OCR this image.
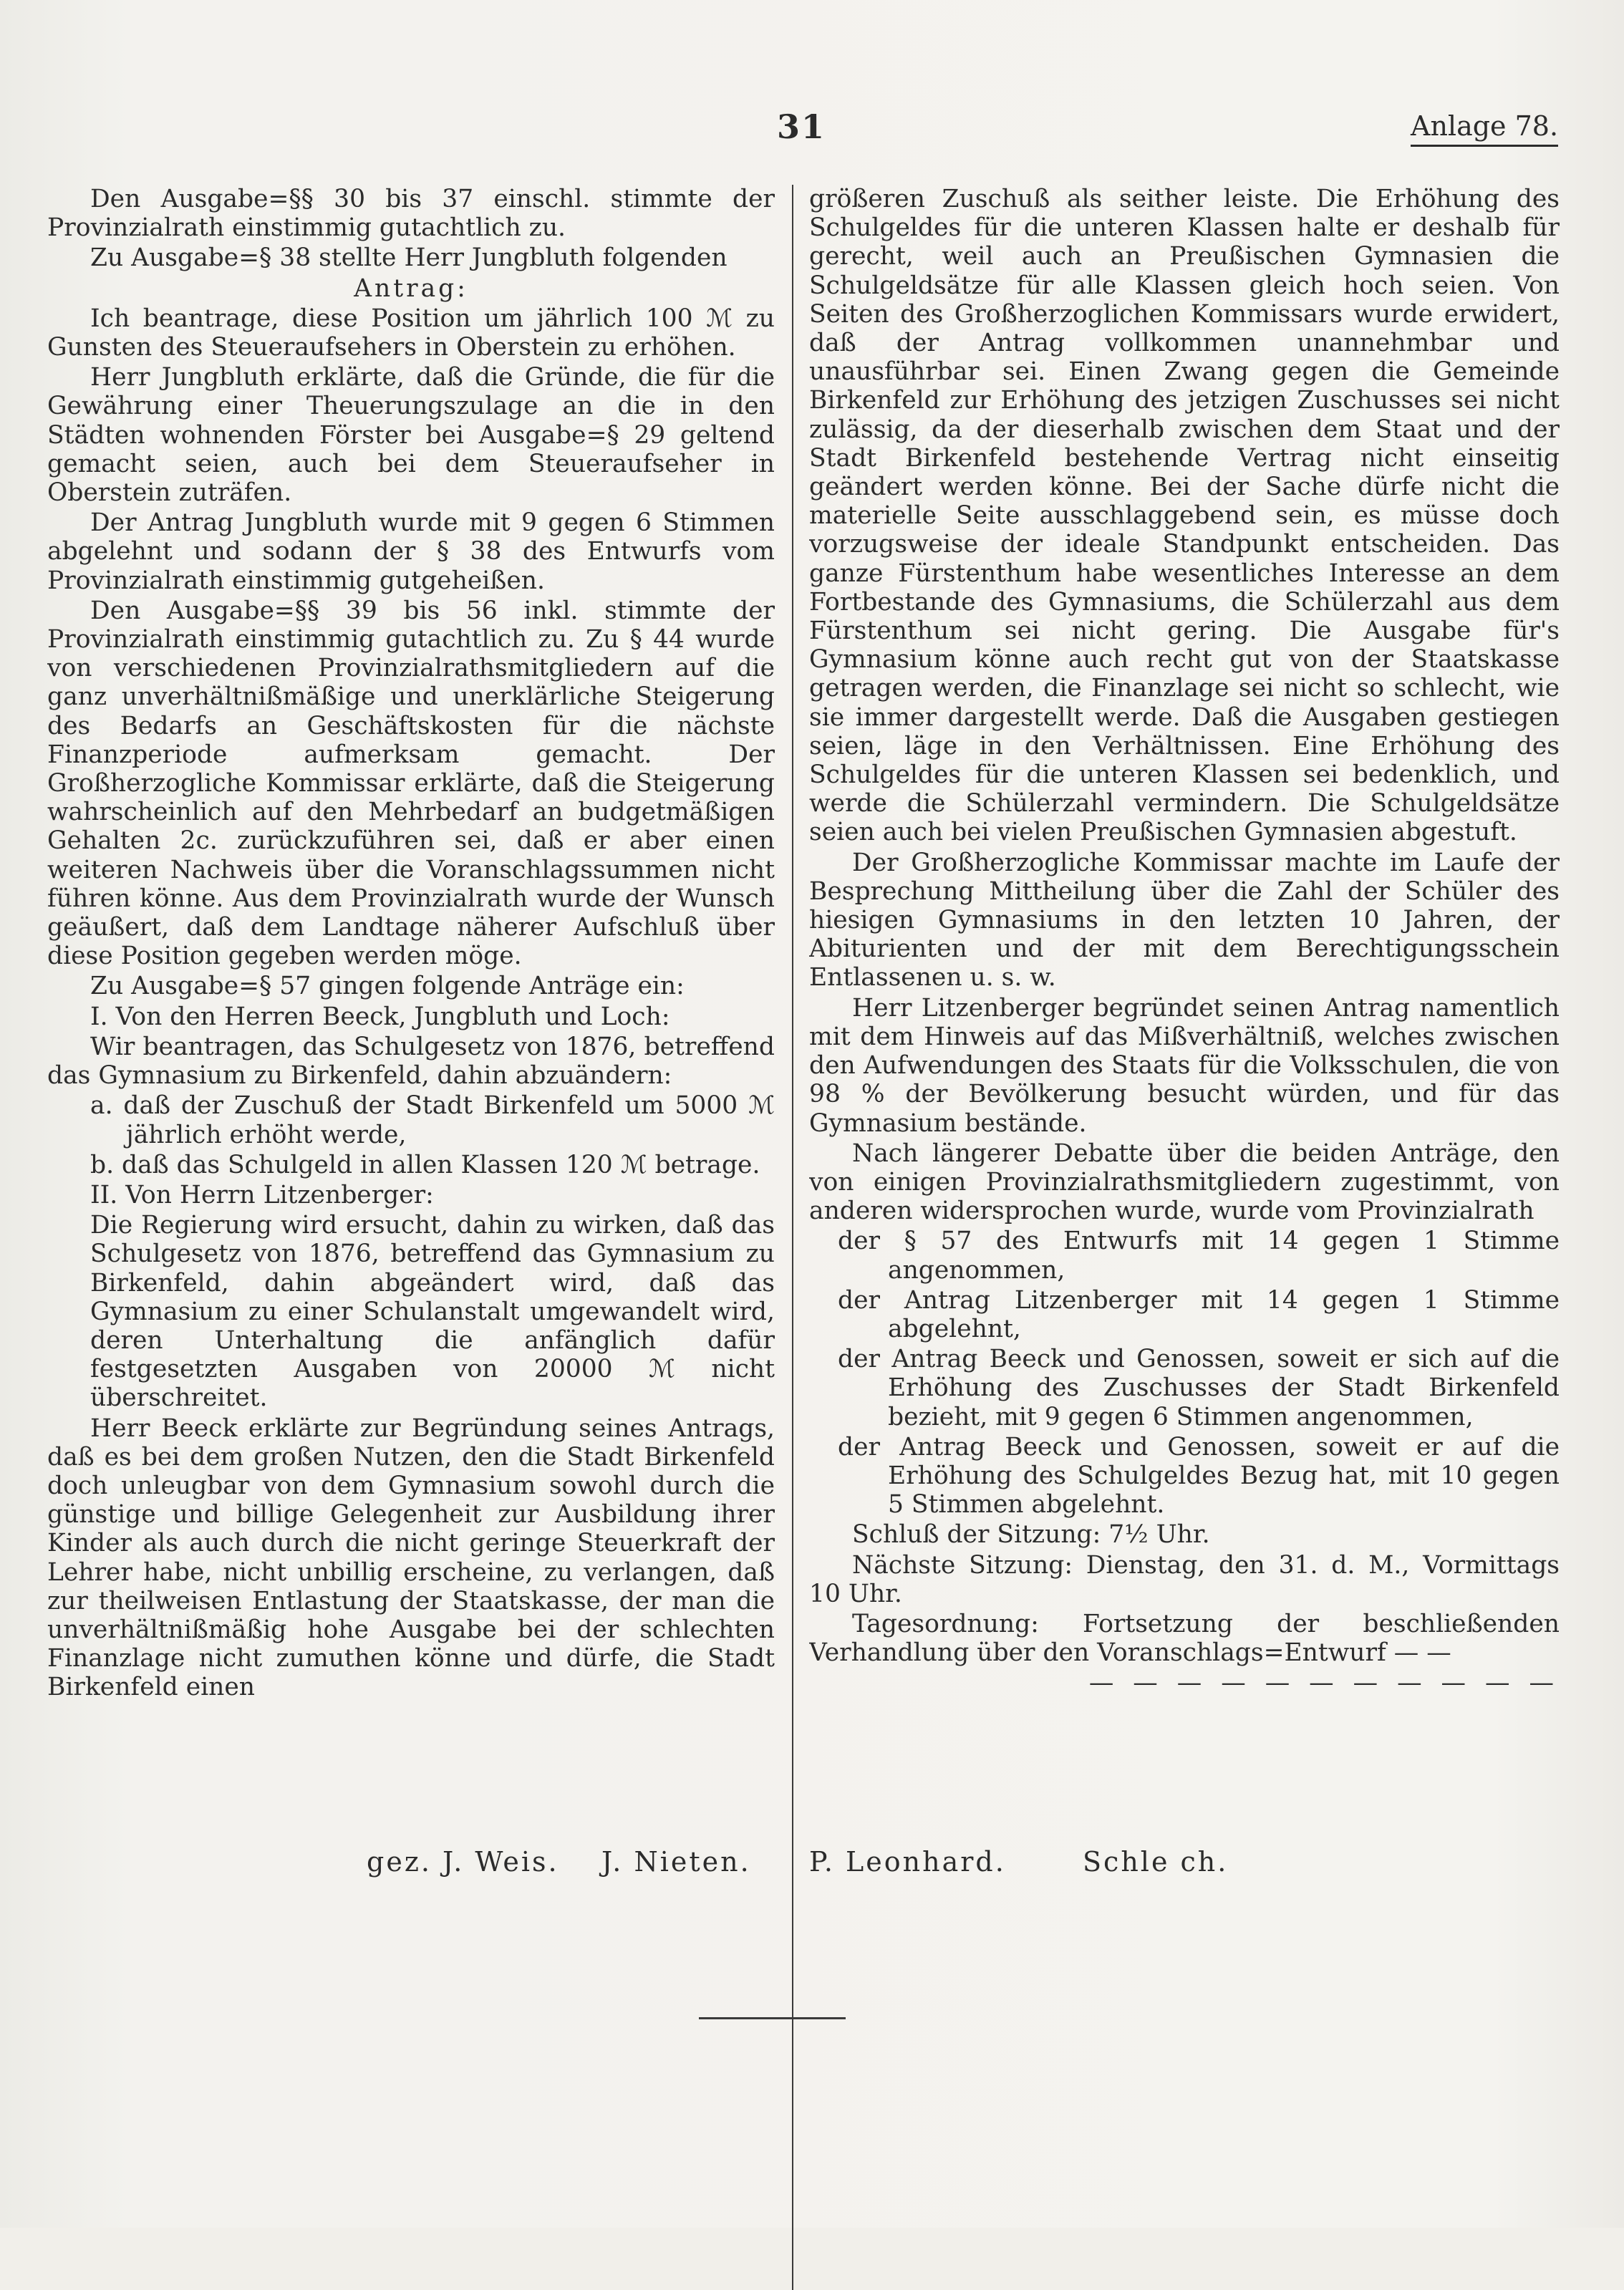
31	Anlage 78.

Den Ausgabe=§§ 30 bis 37 einschl. stimmte der Provinzialrath einstimmig gutachtlich zu.

Zu Ausgabe=§ 38 stellte Herr Jungbluth folgenden

Antrag:

Ich beantrage, diese Position um jährlich 100 ℳ zu Gunsten des Steueraufsehers in Oberstein zu erhöhen.

Herr Jungbluth erklärte, daß die Gründe, die für die Gewährung einer Theuerungszulage an die in den Städten wohnenden Förster bei Ausgabe=§ 29 geltend gemacht seien, auch bei dem Steueraufseher in Oberstein zuträfen.

Der Antrag Jungbluth wurde mit 9 gegen 6 Stimmen abgelehnt und sodann der § 38 des Entwurfs vom Provinzialrath einstimmig gutgeheißen.

Den Ausgabe=§§ 39 bis 56 inkl. stimmte der Provinzialrath einstimmig gutachtlich zu. Zu § 44 wurde von verschiedenen Provinzialrathsmitgliedern auf die ganz unverhältnißmäßige und unerklärliche Steigerung des Bedarfs an Geschäftskosten für die nächste Finanzperiode aufmerksam gemacht. Der Großherzogliche Kommissar erklärte, daß die Steigerung wahrscheinlich auf den Mehrbedarf an budgetmäßigen Gehalten 2c. zurückzuführen sei, daß er aber einen weiteren Nachweis über die Voranschlagssummen nicht führen könne. Aus dem Provinzialrath wurde der Wunsch geäußert, daß dem Landtage näherer Aufschluß über diese Position gegeben werden möge.

Zu Ausgabe=§ 57 gingen folgende Anträge ein:

I. Von den Herren Beeck, Jungbluth und Loch:

Wir beantragen, das Schulgesetz von 1876, betreffend das Gymnasium zu Birkenfeld, dahin abzuändern:

a. daß der Zuschuß der Stadt Birkenfeld um 5000 ℳ jährlich erhöht werde,

b. daß das Schulgeld in allen Klassen 120 ℳ betrage.

II. Von Herrn Litzenberger:

Die Regierung wird ersucht, dahin zu wirken, daß das Schulgesetz von 1876, betreffend das Gymnasium zu Birkenfeld, dahin abgeändert wird, daß das Gymnasium zu einer Schulanstalt umgewandelt wird, deren Unterhaltung die anfänglich dafür festgesetzten Ausgaben von 20000 ℳ nicht überschreitet.

Herr Beeck erklärte zur Begründung seines Antrags, daß es bei dem großen Nutzen, den die Stadt Birkenfeld doch unleugbar von dem Gymnasium sowohl durch die günstige und billige Gelegenheit zur Ausbildung ihrer Kinder als auch durch die nicht geringe Steuerkraft der Lehrer habe, nicht unbillig erscheine, zu verlangen, daß zur theilweisen Entlastung der Staatskasse, der man die unverhältnißmäßig hohe Ausgabe bei der schlechten Finanzlage nicht zumuthen könne und dürfe, die Stadt Birkenfeld einen

größeren Zuschuß als seither leiste. Die Erhöhung des Schulgeldes für die unteren Klassen halte er deshalb für gerecht, weil auch an Preußischen Gymnasien die Schulgeldsätze für alle Klassen gleich hoch seien. Von Seiten des Großherzoglichen Kommissars wurde erwidert, daß der Antrag vollkommen unannehmbar und unausführbar sei. Einen Zwang gegen die Gemeinde Birkenfeld zur Erhöhung des jetzigen Zuschusses sei nicht zulässig, da der dieserhalb zwischen dem Staat und der Stadt Birkenfeld bestehende Vertrag nicht einseitig geändert werden könne. Bei der Sache dürfe nicht die materielle Seite ausschlaggebend sein, es müsse doch vorzugsweise der ideale Standpunkt entscheiden. Das ganze Fürstenthum habe wesentliches Interesse an dem Fortbestande des Gymnasiums, die Schülerzahl aus dem Fürstenthum sei nicht gering. Die Ausgabe für's Gymnasium könne auch recht gut von der Staatskasse getragen werden, die Finanzlage sei nicht so schlecht, wie sie immer dargestellt werde. Daß die Ausgaben gestiegen seien, läge in den Verhältnissen. Eine Erhöhung des Schulgeldes für die unteren Klassen sei bedenklich, und werde die Schülerzahl vermindern. Die Schulgeldsätze seien auch bei vielen Preußischen Gymnasien abgestuft.

Der Großherzogliche Kommissar machte im Laufe der Besprechung Mittheilung über die Zahl der Schüler des hiesigen Gymnasiums in den letzten 10 Jahren, der Abiturienten und der mit dem Berechtigungsschein Entlassenen u. s. w.

Herr Litzenberger begründet seinen Antrag namentlich mit dem Hinweis auf das Mißverhältniß, welches zwischen den Aufwendungen des Staats für die Volksschulen, die von 98 % der Bevölkerung besucht würden, und für das Gymnasium bestände.

Nach längerer Debatte über die beiden Anträge, den von einigen Provinzialrathsmitgliedern zugestimmt, von anderen widersprochen wurde, wurde vom Provinzialrath

der § 57 des Entwurfs mit 14 gegen 1 Stimme angenommen,

der Antrag Litzenberger mit 14 gegen 1 Stimme abgelehnt,

der Antrag Beeck und Genossen, soweit er sich auf die Erhöhung des Zuschusses der Stadt Birkenfeld bezieht, mit 9 gegen 6 Stimmen angenommen,

der Antrag Beeck und Genossen, soweit er auf die Erhöhung des Schulgeldes Bezug hat, mit 10 gegen 5 Stimmen abgelehnt.

Schluß der Sitzung: 7½ Uhr.

Nächste Sitzung: Dienstag, den 31. d. M., Vormittags 10 Uhr.

Tagesordnung: Fortsetzung der beschließenden Verhandlung über den Voranschlags=Entwurf — —

— — — — — — — — — — —

gez. J. Weis. J. Nieten. P. Leonhard.	Schle ch.
